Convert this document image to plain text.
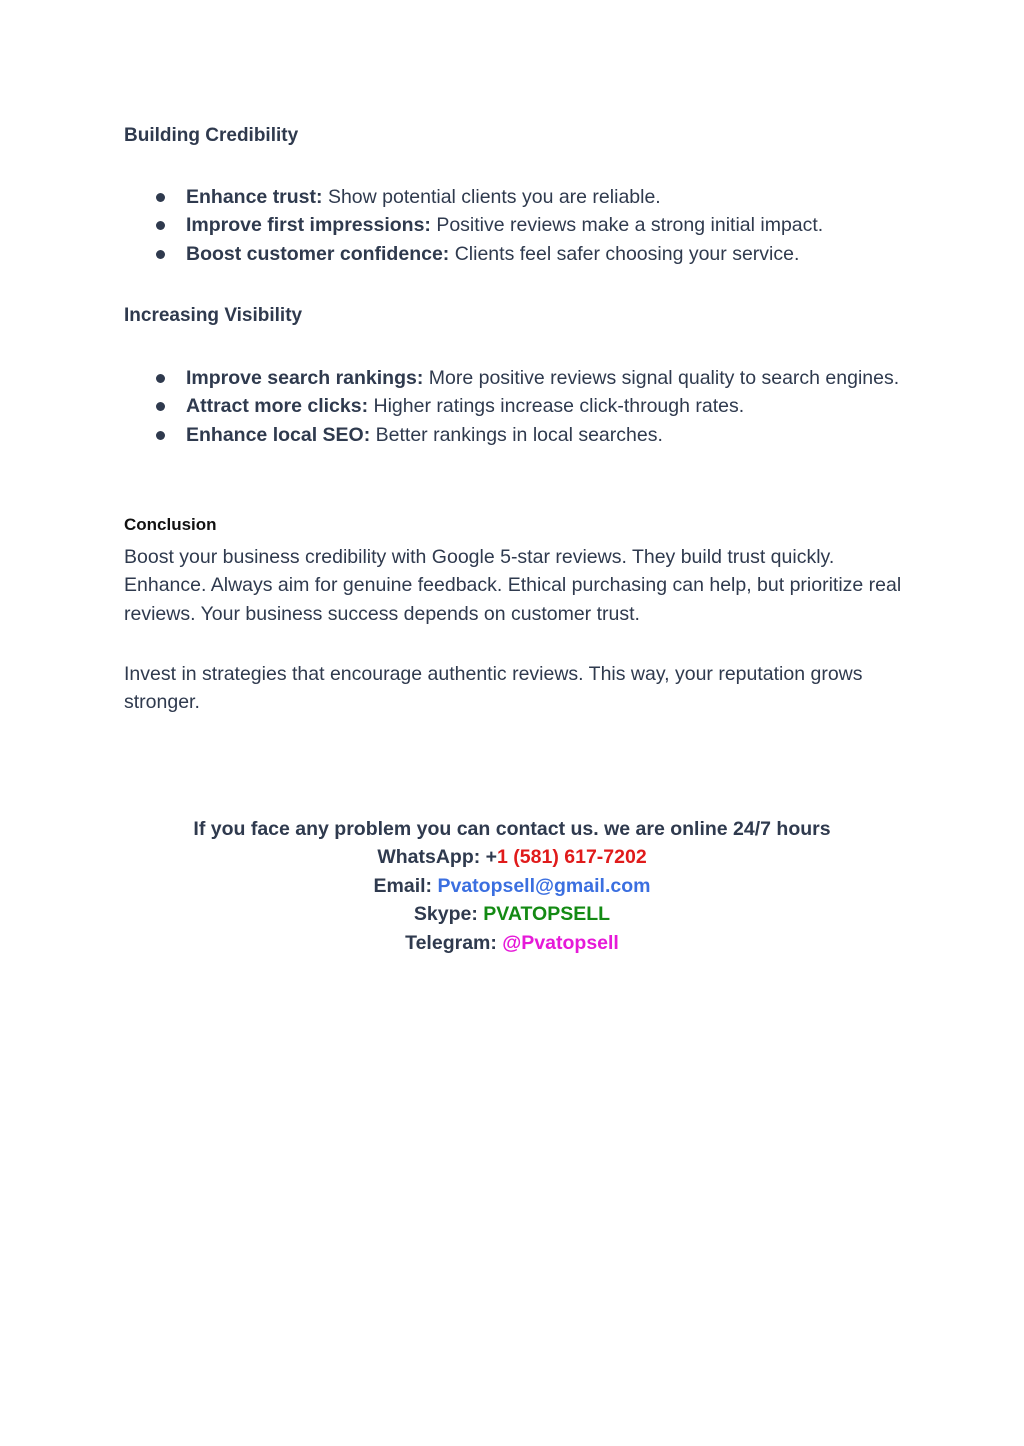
Building Credibility
Enhance trust: Show potential clients you are reliable.
Improve first impressions: Positive reviews make a strong initial impact.
Boost customer confidence: Clients feel safer choosing your service.
Increasing Visibility
Improve search rankings: More positive reviews signal quality to search engines.
Attract more clicks: Higher ratings increase click-through rates.
Enhance local SEO: Better rankings in local searches.
Conclusion

Boost your business credibility with Google 5-star reviews. They build trust quickly. Enhance. Always aim for genuine feedback. Ethical purchasing can help, but prioritize real reviews. Your business success depends on customer trust.

Invest in strategies that encourage authentic reviews. This way, your reputation grows stronger.

If you face any problem you can contact us. we are online 24/7 hours
WhatsApp: +1 (581) 617-7202
Email: Pvatopsell@gmail.com
Skype: PVATOPSELL
Telegram: @Pvatopsell
